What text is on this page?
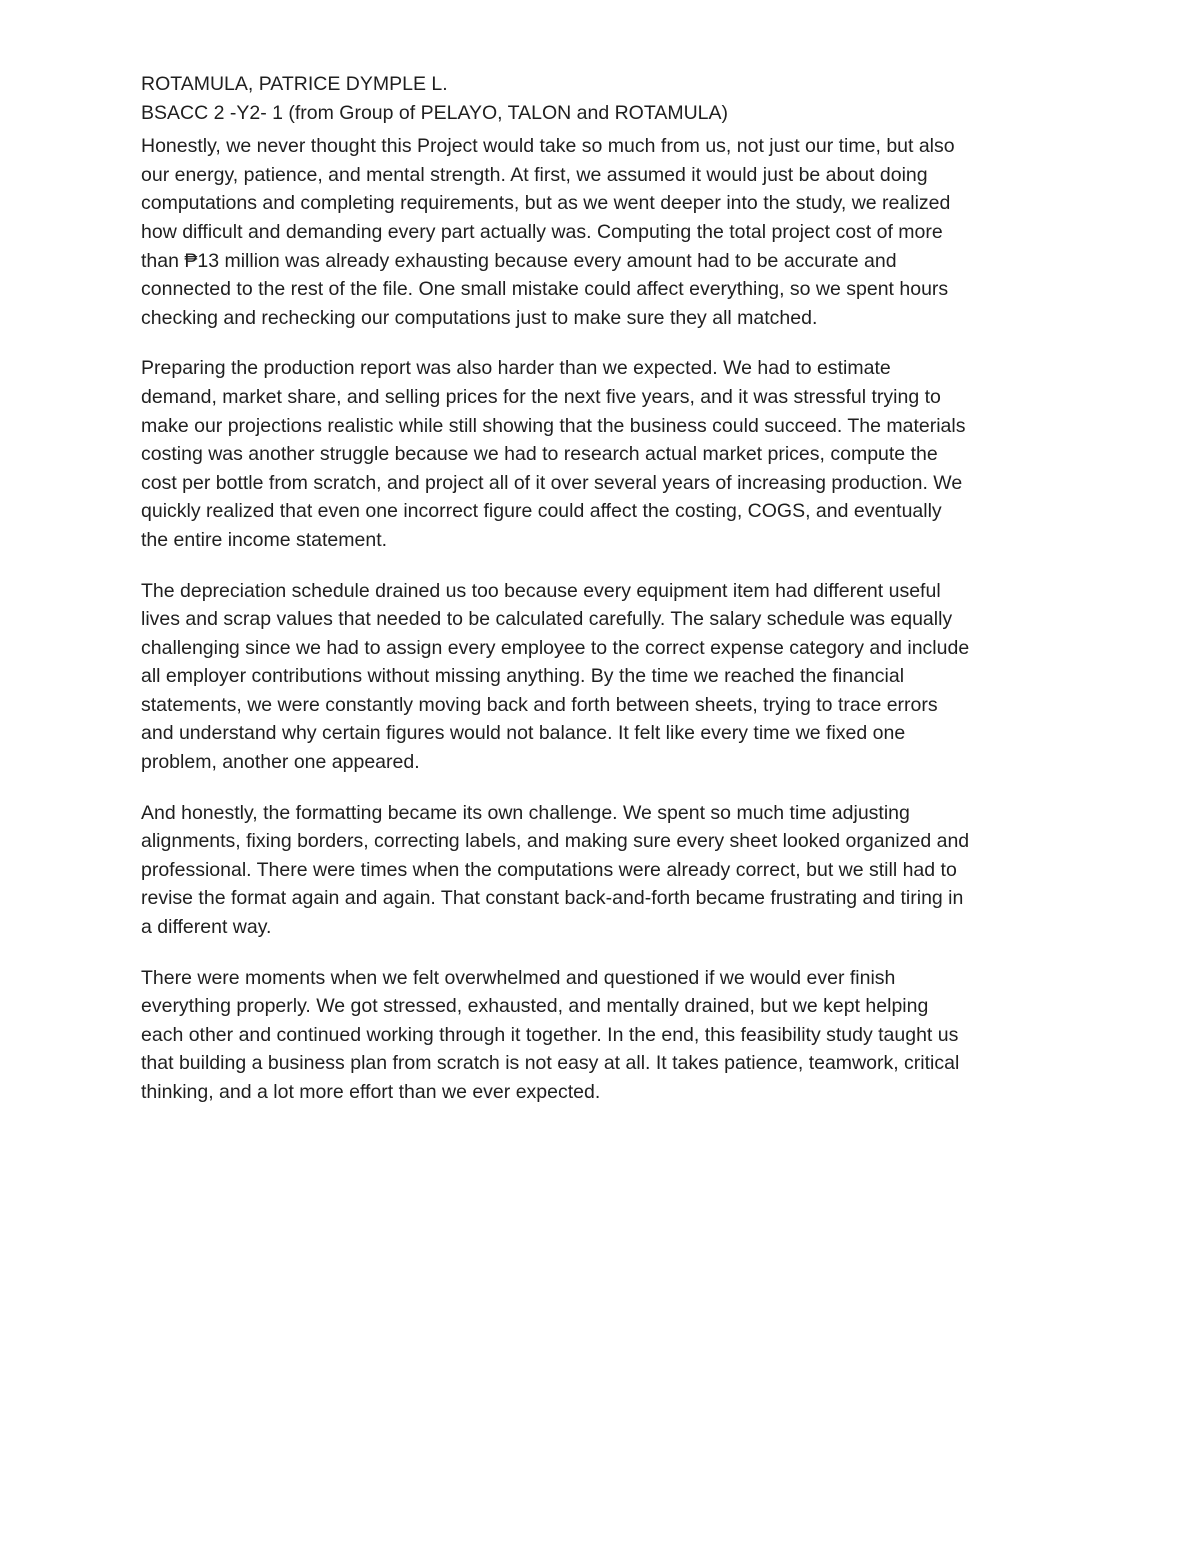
ROTAMULA, PATRICE DYMPLE L.

BSACC 2 -Y2- 1 (from Group of PELAYO, TALON and ROTAMULA)

Honestly, we never thought this Project would take so much from us, not just our time, but also
our energy, patience, and mental strength. At first, we assumed it would just be about doing
computations and completing requirements, but as we went deeper into the study, we realized
how difficult and demanding every part actually was. Computing the total project cost of more
than ₱13 million was already exhausting because every amount had to be accurate and
connected to the rest of the file. One small mistake could affect everything, so we spent hours
checking and rechecking our computations just to make sure they all matched.

Preparing the production report was also harder than we expected. We had to estimate
demand, market share, and selling prices for the next five years, and it was stressful trying to
make our projections realistic while still showing that the business could succeed. The materials
costing was another struggle because we had to research actual market prices, compute the
cost per bottle from scratch, and project all of it over several years of increasing production. We
quickly realized that even one incorrect figure could affect the costing, COGS, and eventually
the entire income statement.

The depreciation schedule drained us too because every equipment item had different useful
lives and scrap values that needed to be calculated carefully. The salary schedule was equally
challenging since we had to assign every employee to the correct expense category and include
all employer contributions without missing anything. By the time we reached the financial
statements, we were constantly moving back and forth between sheets, trying to trace errors
and understand why certain figures would not balance. It felt like every time we fixed one
problem, another one appeared.

And honestly, the formatting became its own challenge. We spent so much time adjusting
alignments, fixing borders, correcting labels, and making sure every sheet looked organized and
professional. There were times when the computations were already correct, but we still had to
revise the format again and again. That constant back-and-forth became frustrating and tiring in
a different way.

There were moments when we felt overwhelmed and questioned if we would ever finish
everything properly. We got stressed, exhausted, and mentally drained, but we kept helping
each other and continued working through it together. In the end, this feasibility study taught us
that building a business plan from scratch is not easy at all. It takes patience, teamwork, critical
thinking, and a lot more effort than we ever expected.
